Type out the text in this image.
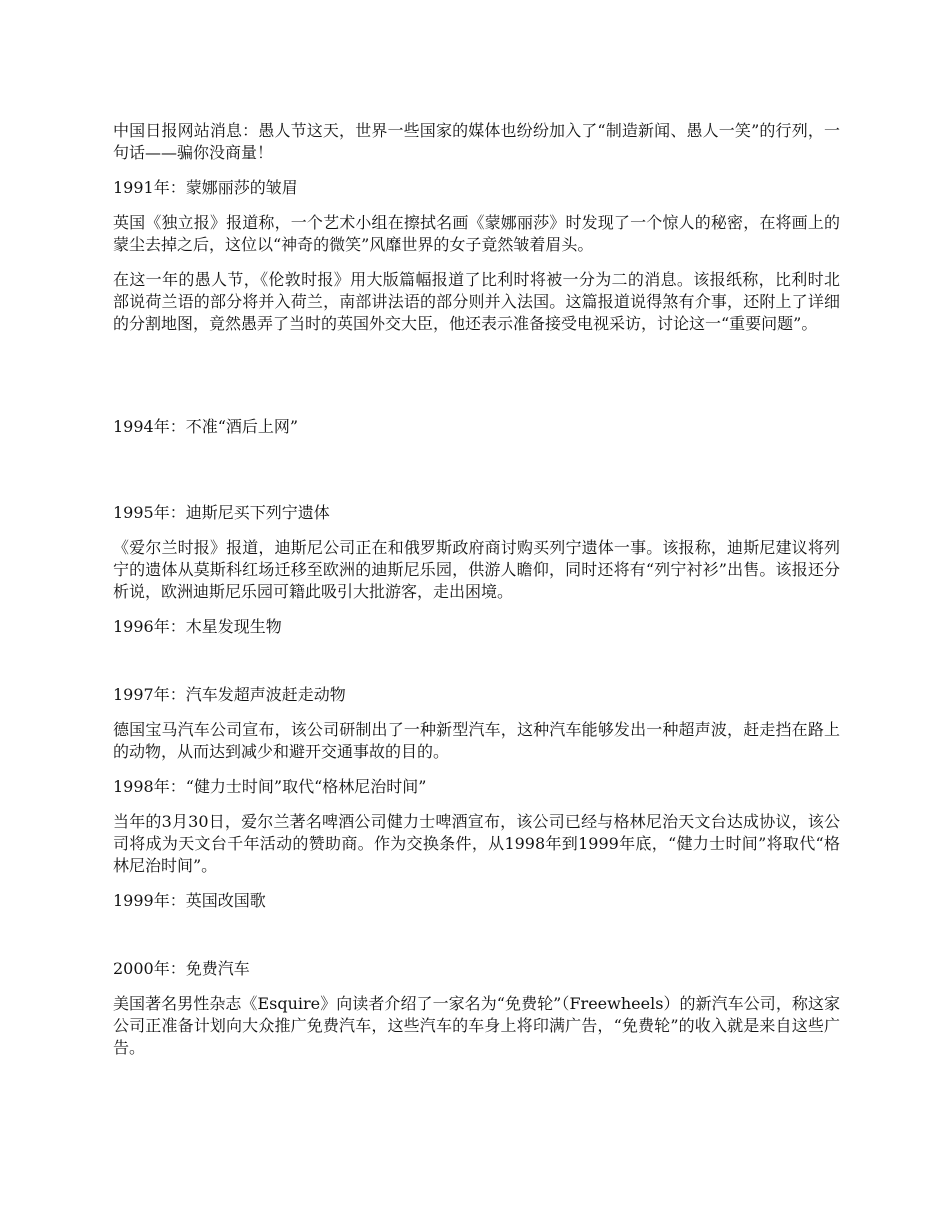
中国日报网站消息：愚人节这天，世界一些国家的媒体也纷纷加入了“制造新闻、愚人一笑”的行列，一句话——骗你没商量！

1991年：蒙娜丽莎的皱眉

英国《独立报》报道称，一个艺术小组在擦拭名画《蒙娜丽莎》时发现了一个惊人的秘密，在将画上的蒙尘去掉之后，这位以“神奇的微笑”风靡世界的女子竟然皱着眉头。

在这一年的愚人节，《伦敦时报》用大版篇幅报道了比利时将被一分为二的消息。该报纸称，比利时北部说荷兰语的部分将并入荷兰，南部讲法语的部分则并入法国。这篇报道说得煞有介事，还附上了详细的分割地图，竟然愚弄了当时的英国外交大臣，他还表示准备接受电视采访，讨论这一“重要问题”。

1994年：不准“酒后上网”

1995年：迪斯尼买下列宁遗体

《爱尔兰时报》报道，迪斯尼公司正在和俄罗斯政府商讨购买列宁遗体一事。该报称，迪斯尼建议将列宁的遗体从莫斯科红场迁移至欧洲的迪斯尼乐园，供游人瞻仰，同时还将有“列宁衬衫”出售。该报还分析说，欧洲迪斯尼乐园可籍此吸引大批游客，走出困境。

1996年：木星发现生物

1997年：汽车发超声波赶走动物

德国宝马汽车公司宣布，该公司研制出了一种新型汽车，这种汽车能够发出一种超声波，赶走挡在路上的动物，从而达到减少和避开交通事故的目的。

1998年：“健力士时间”取代“格林尼治时间”

当年的3月30日，爱尔兰著名啤酒公司健力士啤酒宣布，该公司已经与格林尼治天文台达成协议，该公司将成为天文台千年活动的赞助商。作为交换条件，从1998年到1999年底，“健力士时间”将取代“格林尼治时间”。

1999年：英国改国歌

2000年：免费汽车

美国著名男性杂志《Esquire》向读者介绍了一家名为“免费轮”（Freewheels）的新汽车公司，称这家公司正准备计划向大众推广免费汽车，这些汽车的车身上将印满广告，“免费轮”的收入就是来自这些广告。
